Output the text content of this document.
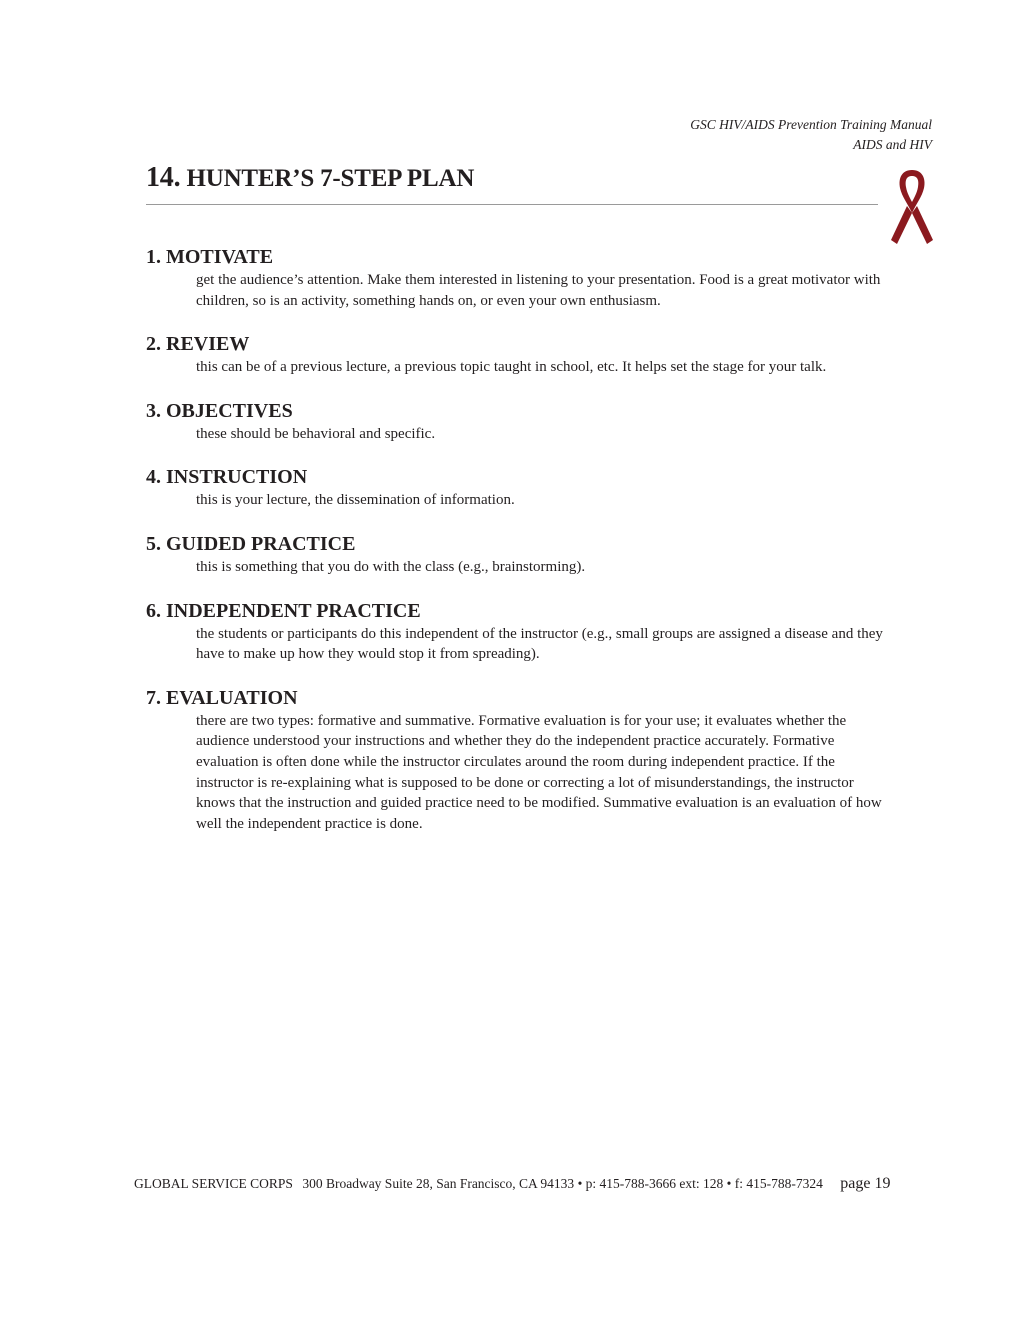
GSC HIV/AIDS Prevention Training Manual
AIDS and HIV
14. HUNTER’S 7-STEP PLAN
1. MOTIVATE

get the audience’s attention. Make them interested in listening to your presentation. Food is a great motivator with children, so is an activity, something hands on, or even your own enthusiasm.

2. REVIEW

this can be of a previous lecture, a previous topic taught in school, etc. It helps set the stage for your talk.

3. OBJECTIVES

these should be behavioral and specific.

4. INSTRUCTION

this is your lecture, the dissemination of information.

5. GUIDED PRACTICE

this is something that you do with the class (e.g., brainstorming).

6. INDEPENDENT PRACTICE

the students or participants do this independent of the instructor (e.g., small groups are assigned a disease and they have to make up how they would stop it from spreading).

7. EVALUATION

there are two types: formative and summative. Formative evaluation is for your use; it evaluates whether the audience understood your instructions and whether they do the independent practice accurately. Formative evaluation is often done while the instructor circulates around the room during independent practice. If the instructor is re-explaining what is supposed to be done or correcting a lot of misunderstandings, the instructor knows that the instruction and guided practice need to be modified. Summative evaluation is an evaluation of how well the independent practice is done.

GLOBAL SERVICE CORPS 300 Broadway Suite 28, San Francisco, CA 94133 • p: 415-788-3666 ext: 128 • f: 415-788-7324 page 19
